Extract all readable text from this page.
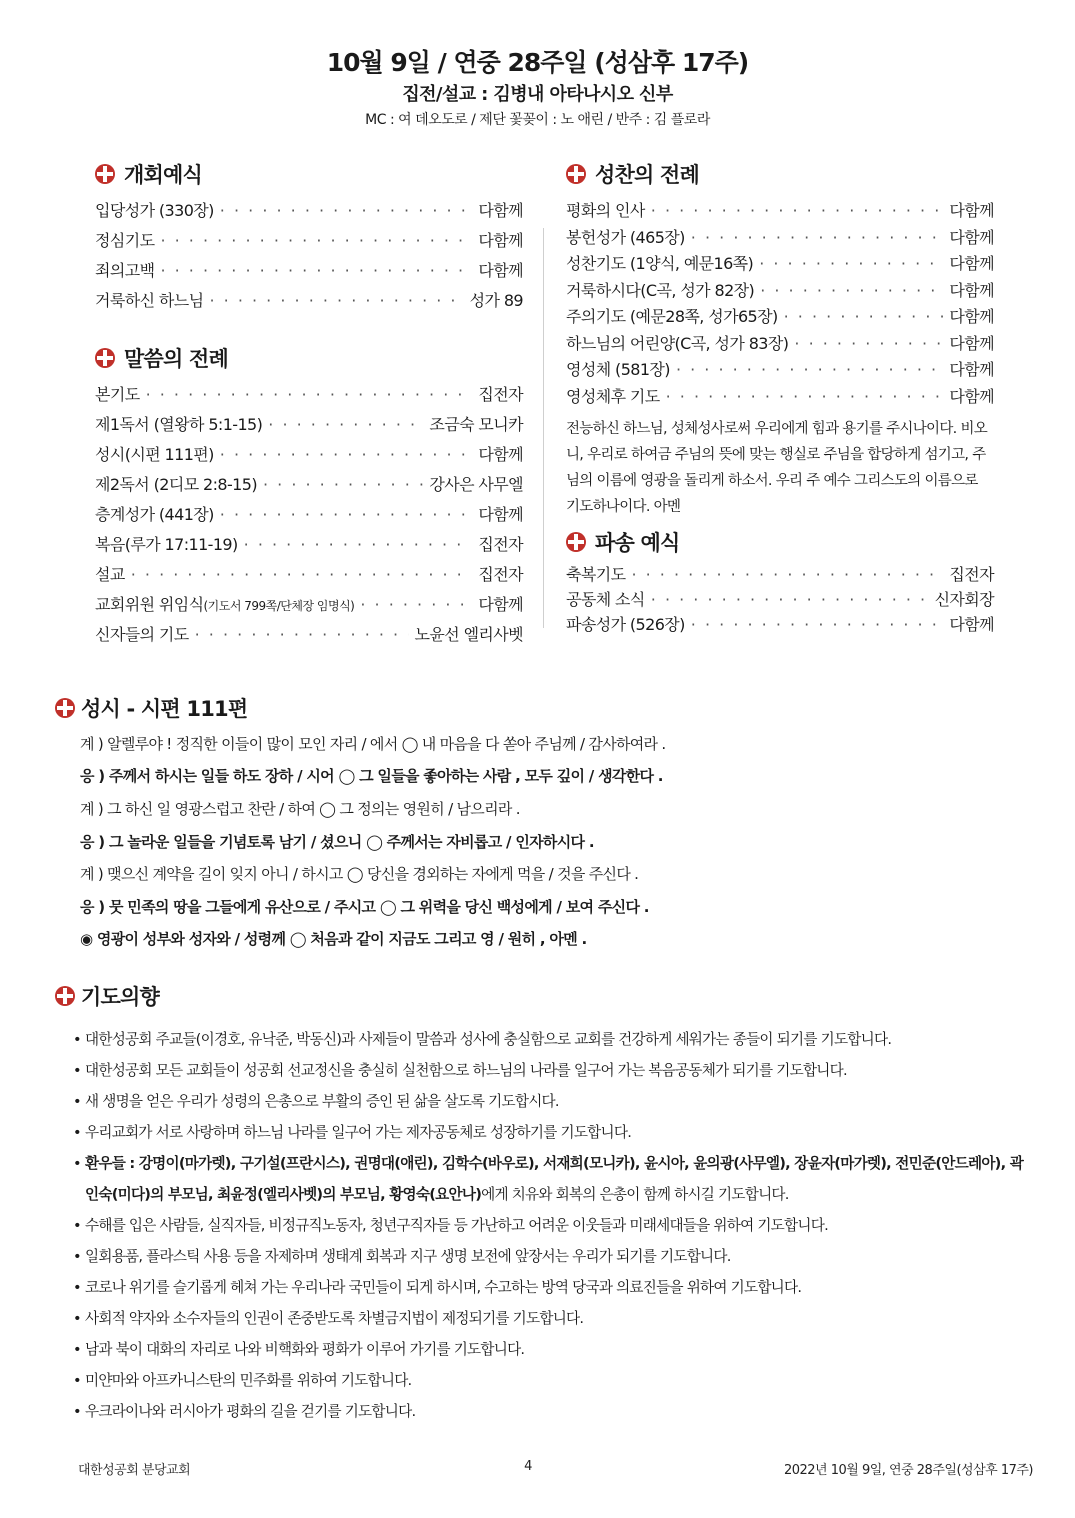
10월 9일 / 연중 28주일 (성삼후 17주)
집전/설교 : 김병내 아타나시오 신부
MC : 여 데오도로 / 제단 꽃꽂이 : 노 애린 / 반주 : 김 플로라
개회예식
입당성가 (330장) · · ·	다함께
정심기도 · · ·	다함께
죄의고백 · · ·	다함께
거룩하신 하느님 · · ·	성가 89
말씀의 전례
본기도 · · ·	집전자
제1독서 (열왕하 5:1-15) · · ·	조금숙 모니카
성시(시편 111편) · · ·	다함께
제2독서 (2디모 2:8-15) · · ·	강사은 사무엘
층계성가 (441장) · · ·	다함께
복음(루가 17:11-19) · · ·	집전자
설교 · · ·	집전자
교회위원 위임식(기도서 799쪽/단체장 임명식) · · ·	다함께
신자들의 기도 · · ·	노윤선 엘리사벳
성찬의 전례
평화의 인사 · · ·	다함께
봉헌성가 (465장) · · ·	다함께
성찬기도 (1양식, 예문16쪽) · · ·	다함께
거룩하시다(C곡, 성가 82장) · · ·	다함께
주의기도 (예문28쪽, 성가65장) · · ·	다함께
하느님의 어린양(C곡, 성가 83장) · · ·	다함께
영성체 (581장) · · ·	다함께
영성체후 기도 · · ·	다함께

전능하신 하느님, 성체성사로써 우리에게 힘과 용기를 주시나이다. 비오니, 우리로 하여금 주님의 뜻에 맞는 행실로 주님을 합당하게 섬기고, 주님의 이름에 영광을 돌리게 하소서. 우리 주 예수 그리스도의 이름으로 기도하나이다. 아멘

파송 예식
축복기도 · · ·	집전자
공동체 소식 · · ·	신자회장
파송성가 (526장) · · ·	다함께
성시 - 시편 111편
계 ) 알렐루야 ! 정직한 이들이 많이 모인 자리 / 에서 ◯ 내 마음을 다 쏟아 주님께 / 감사하여라 .
응 ) 주께서 하시는 일들 하도 장하 / 시어 ◯ 그 일들을 좋아하는 사람 , 모두 깊이 / 생각한다 .
계 ) 그 하신 일 영광스럽고 찬란 / 하여 ◯ 그 정의는 영원히 / 남으리라 .
응 ) 그 놀라운 일들을 기념토록 남기 / 셨으니 ◯ 주께서는 자비롭고 / 인자하시다 .
계 ) 맺으신 계약을 길이 잊지 아니 / 하시고 ◯ 당신을 경외하는 자에게 먹을 / 것을 주신다 .
응 ) 뭇 민족의 땅을 그들에게 유산으로 / 주시고 ◯ 그 위력을 당신 백성에게 / 보여 주신다 .
◉ 영광이 성부와 성자와 / 성령께 ◯ 처음과 같이 지금도 그리고 영 / 원히 , 아멘 .
기도의향
• 대한성공회 주교들(이경호, 유낙준, 박동신)과 사제들이 말씀과 성사에 충실함으로 교회를 건강하게 세워가는 종들이 되기를 기도합니다.
• 대한성공회 모든 교회들이 성공회 선교정신을 충실히 실천함으로 하느님의 나라를 일구어 가는 복음공동체가 되기를 기도합니다.
• 새 생명을 얻은 우리가 성령의 은총으로 부활의 증인 된 삶을 살도록 기도합시다.
• 우리교회가 서로 사랑하며 하느님 나라를 일구어 가는 제자공동체로 성장하기를 기도합니다.
• 환우들 : 강명이(마가렛), 구기설(프란시스), 권명대(애린), 김학수(바우로), 서재희(모니카), 윤시아, 윤의광(사무엘), 장윤자(마가렛), 전민준(안드레아), 곽인숙(미다)의 부모님, 최윤정(엘리사벳)의 부모님, 황영숙(요안나)에게 치유와 회복의 은총이 함께 하시길 기도합니다.
• 수해를 입은 사람들, 실직자들, 비정규직노동자, 청년구직자들 등 가난하고 어려운 이웃들과 미래세대들을 위하여 기도합니다.
• 일회용품, 플라스틱 사용 등을 자제하며 생태계 회복과 지구 생명 보전에 앞장서는 우리가 되기를 기도합니다.
• 코로나 위기를 슬기롭게 헤쳐 가는 우리나라 국민들이 되게 하시며, 수고하는 방역 당국과 의료진들을 위하여 기도합니다.
• 사회적 약자와 소수자들의 인권이 존중받도록 차별금지법이 제정되기를 기도합니다.
• 남과 북이 대화의 자리로 나와 비핵화와 평화가 이루어 가기를 기도합니다.
• 미얀마와 아프카니스탄의 민주화를 위하여 기도합니다.
• 우크라이나와 러시아가 평화의 길을 걷기를 기도합니다.
대한성공회 분당교회	4	2022년 10월 9일, 연중 28주일(성삼후 17주)
